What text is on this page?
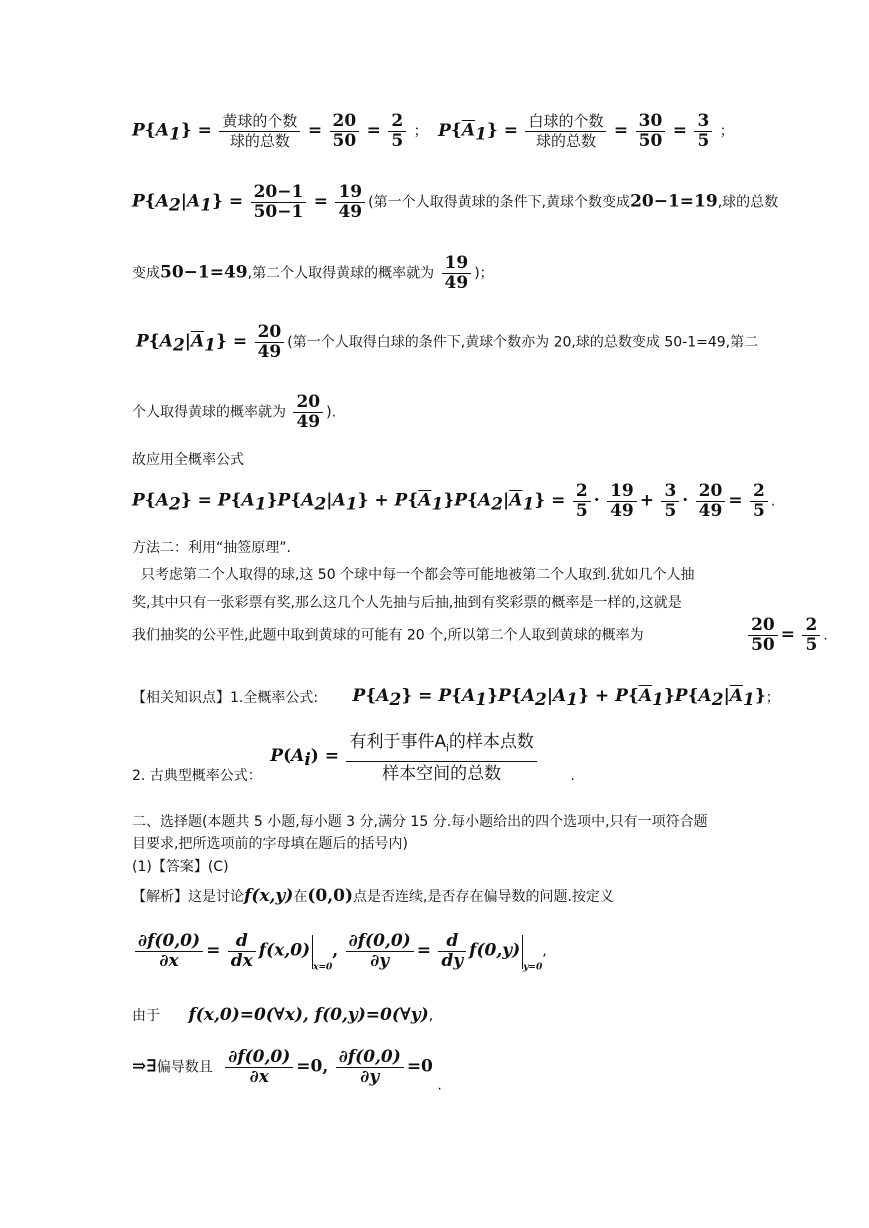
$P\{A_1\} = \frac{\text{黄球的个数}}{\text{球的总数}} = \frac{20}{50} = \frac{2}{5}$ ； $P\{\overline{A}_1\} = \frac{\text{白球的个数}}{\text{球的总数}} = \frac{30}{50} = \frac{3}{5}$ ；
$P\{A_2|A_1\} = \frac{20-1}{50-1} = \frac{19}{49}$ (第一个人取得黄球的条件下,黄球个数变成20−1=19,球的总数
变成50−1=49,第二个人取得黄球的概率就为 $\frac{19}{49}$ )；
$P\{A_2|\overline{A}_1\} = \frac{20}{49}$ (第一个人取得白球的条件下,黄球个数亦为 20,球的总数变成 50-1=49,第二
个人取得黄球的概率就为 $\frac{20}{49}$ ).
故应用全概率公式
$P\{A_2\} = P\{A_1\}P\{A_2|A_1\} + P\{\overline{A}_1\}P\{A_2|\overline{A}_1\} = \frac{2}{5} \cdot \frac{19}{49} + \frac{3}{5} \cdot \frac{20}{49} = \frac{2}{5}$ .
方法二：利用“抽签原理”.
只考虑第二个人取得的球,这 50 个球中每一个都会等可能地被第二个人取到.犹如几个人抽
奖,其中只有一张彩票有奖,那么这几个人先抽与后抽,抽到有奖彩票的概率是一样的,这就是
我们抽奖的公平性,此题中取到黄球的可能有 20 个,所以第二个人取到黄球的概率为	$\frac{20}{50} = \frac{2}{5}$ .
【相关知识点】1.全概率公式: $P\{A_2\} = P\{A_1\}P\{A_2|A_1\} + P\{\overline{A}_1\}P\{A_2|\overline{A}_1\}$；
2. 古典型概率公式： $P(A_i) = \frac{有利于事件A_i的样本点数}{\text{样本空间的总数}}$ .
二、选择题(本题共 5 小题,每小题 3 分,满分 15 分.每小题给出的四个选项中,只有一项符合题
目要求,把所选项前的字母填在题后的括号内)
(1)【答案】(C)
【解析】这是讨论f(x,y)在(0,0)点是否连续,是否存在偏导数的问题.按定义
$\frac{\partial f(0,0)}{\partial x} = \frac{d}{dx} f(x,0)_{x=0}$, $\frac{\partial f(0,0)}{\partial y} = \frac{d}{dy} f(0,y)_{y=0}$,
由于 f(x,0)=0(∀x), f(0,y)=0(∀y),
⇒∃偏导数且 $\frac{\partial f(0,0)}{\partial x} =0$, $\frac{\partial f(0,0)}{\partial y} =0$ .
